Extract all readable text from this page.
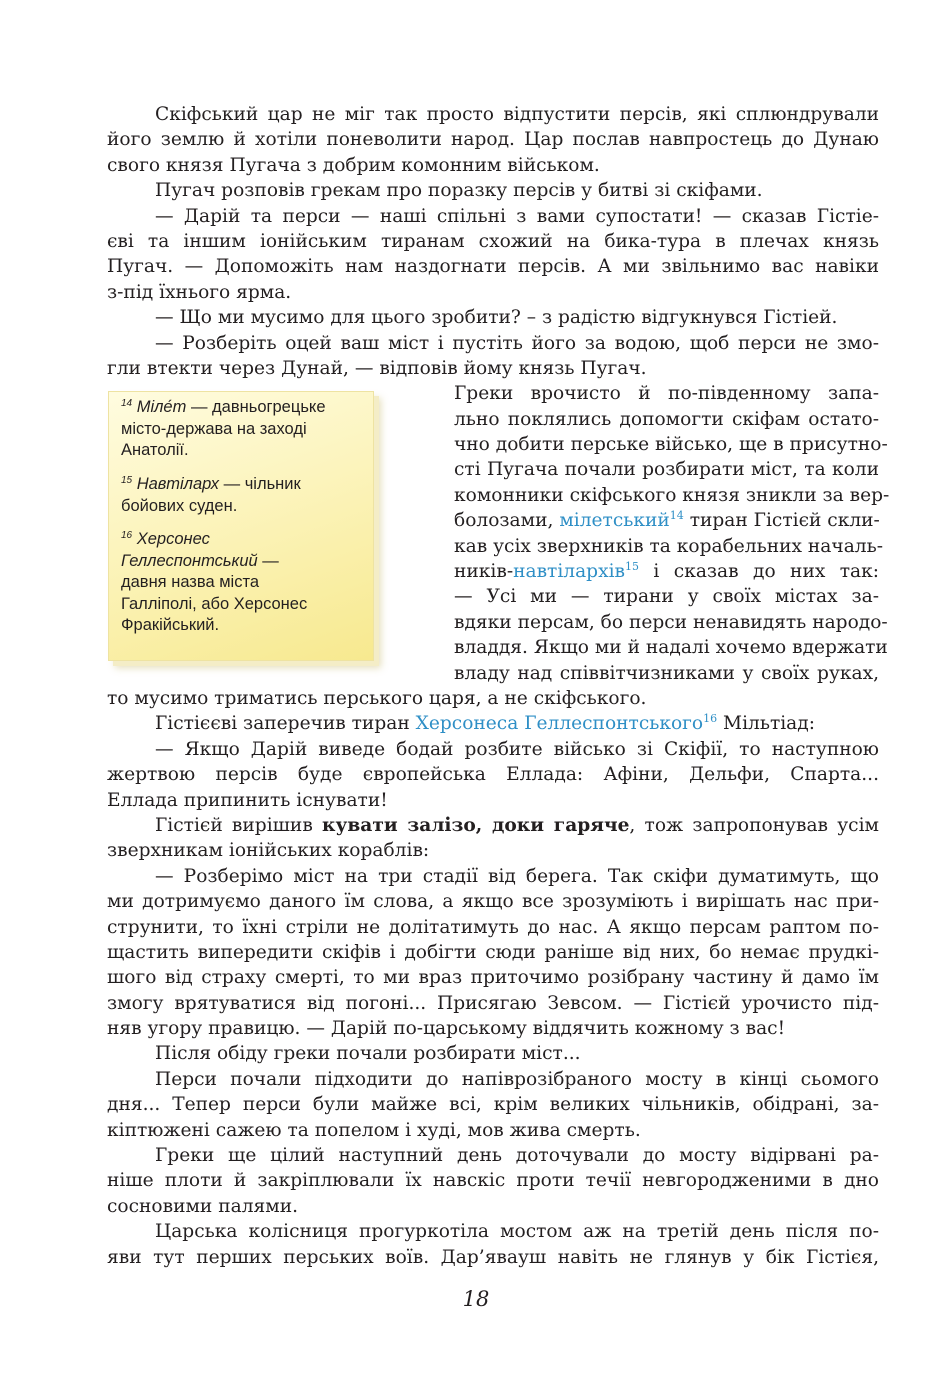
Скіфський цар не міг так просто відпустити персів, які сплюндрували
його землю й хотіли поневолити народ. Цар послав навпростець до Дунаю
свого князя Пугача з добрим комонним військом.
Пугач розповів грекам про поразку персів у битві зі скіфами.
— Дарій та перси — наші спільні з вами супостати! — сказав Гістіе-
єві та іншим іонійським тиранам схожий на бика-тура в плечах князь
Пугач. — Допоможіть нам наздогнати персів. А ми звільнимо вас навіки
з-під їхнього ярма.
— Що ми мусимо для цього зробити? – з радістю відгукнувся Гістіей.
— Розберіть оцей ваш міст і пустіть його за водою, щоб перси не змо-
гли втекти через Дунай, — відповів йому князь Пугач.
Греки врочисто й по-південному запа-
льно поклялись допомогти скіфам остато-
чно добити перське військо, ще в присутно-
сті Пугача почали розбирати міст, та коли
комонники скіфського князя зникли за вер-
болозами, мілетський$^{14}$ тиран Гістієй скли-
кав усіх зверхників та корабельних началь-
ників-навтілархів$^{15}$ і сказав до них так:
— Усі ми — тирани у своїх містах за-
вдяки персам, бо перси ненавидять народо-
владдя. Якщо ми й надалі хочемо вдержати
владу над співвітчизниками у своїх руках,
то мусимо триматись перського царя, а не скіфського.
Гістієєві заперечив тиран Херсонеса Геллеспонтського$^{16}$ Мільтіад:
— Якщо Дарій виведе бодай розбите військо зі Скіфії, то наступною
жертвою персів буде європейська Еллада: Афіни, Дельфи, Спарта...
Еллада припинить існувати!
Гістієй вирішив кувати залізо, доки гаряче, тож запропонував усім
зверхникам іонійських кораблів:
— Розберімо міст на три стадії від берега. Так скіфи думатимуть, що
ми дотримуємо даного їм слова, а якщо все зрозуміють і вирішать нас при-
струнити, то їхні стріли не долітатимуть до нас. А якщо персам раптом по-
щастить випередити скіфів і добігти сюди раніше від них, бо немає прудкі-
шого від страху смерті, то ми враз приточимо розібрану частину й дамо їм
змогу врятуватися від погоні... Присягаю Зевсом. — Гістієй урочисто під-
няв угору правицю. — Дарій по-царському віддячить кожному з вас!
Після обіду греки почали розбирати міст...
Перси почали підходити до напіврозібраного мосту в кінці сьомого
дня... Тепер перси були майже всі, крім великих чільників, обідрані, за-
кіптюжені сажею та попелом і худі, мов жива смерть.
Греки ще цілий наступний день доточували до мосту відірвані ра-
ніше плоти й закріплювали їх навскіс проти течії невгородженими в дно
сосновими палями.
Царська колісниця прогуркотіла мостом аж на третій день після по-
яви тут перших перських воїв. Дар’явауш навіть не глянув у бік Гістієя,
$^{14}$ Міле́т — давньогрецьке
місто-держава на заході
Анатолії.
$^{15}$ Навтіларх — чільник
бойових суден.
$^{16}$ Херсонес
Геллеспонтський —
давня назва міста
Галліполі, або Херсонес
Фракійський.
18
